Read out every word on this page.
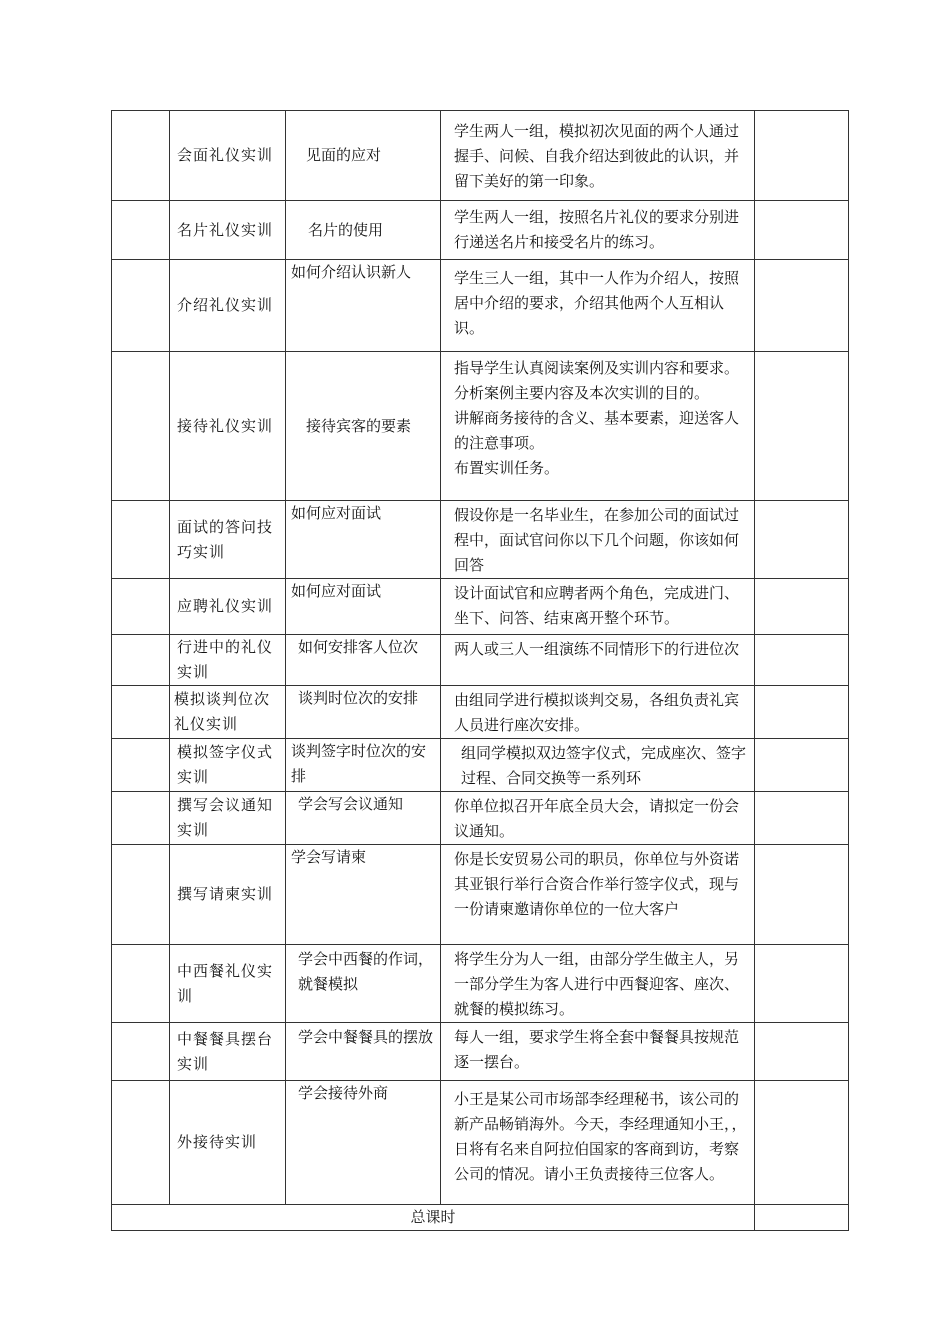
	会面礼仪实训	见面的应对	学生两人一组，模拟初次见面的两个人通过握手、问候、自我介绍达到彼此的认识，并留下美好的第一印象。	

	名片礼仪实训	名片的使用	学生两人一组，按照名片礼仪的要求分别进行递送名片和接受名片的练习。	

	介绍礼仪实训	如何介绍认识新人	学生三人一组，其中一人作为介绍人，按照居中介绍的要求，介绍其他两个人互相认识。	

	接待礼仪实训	接待宾客的要素	指导学生认真阅读案例及实训内容和要求。
分析案例主要内容及本次实训的目的。
讲解商务接待的含义、基本要素，迎送客人的注意事项。
布置实训任务。	

	面试的答问技巧实训	如何应对面试	假设你是一名毕业生，在参加公司的面试过程中，面试官问你以下几个问题，你该如何回答	

	应聘礼仪实训	如何应对面试	设计面试官和应聘者两个角色，完成进门、坐下、问答、结束离开整个环节。	

	行进中的礼仪实训	如何安排客人位次	两人或三人一组演练不同情形下的行进位次	

	模拟谈判位次礼仪实训	谈判时位次的安排	由组同学进行模拟谈判交易，各组负责礼宾人员进行座次安排。	

	模拟签字仪式实训	谈判签字时位次的安排	组同学模拟双边签字仪式，完成座次、签字过程、合同交换等一系列环	

	撰写会议通知实训	学会写会议通知	你单位拟召开年底全员大会，请拟定一份会议通知。	

	撰写请柬实训	学会写请柬	你是长安贸易公司的职员，你单位与外资诺其亚银行举行合资合作举行签字仪式，现与一份请柬邀请你单位的一位大客户	

	中西餐礼仪实训	学会中西餐的作词，就餐模拟	将学生分为人一组，由部分学生做主人，另一部分学生为客人进行中西餐迎客、座次、就餐的模拟练习。	

	中餐餐具摆台实训	学会中餐餐具的摆放	每人一组，要求学生将全套中餐餐具按规范逐一摆台。	

	外接待实训	学会接待外商	小王是某公司市场部李经理秘书，该公司的新产品畅销海外。今天，李经理通知小王，，日将有名来自阿拉伯国家的客商到访，考察公司的情况。请小王负责接待三位客人。	

总课时				
